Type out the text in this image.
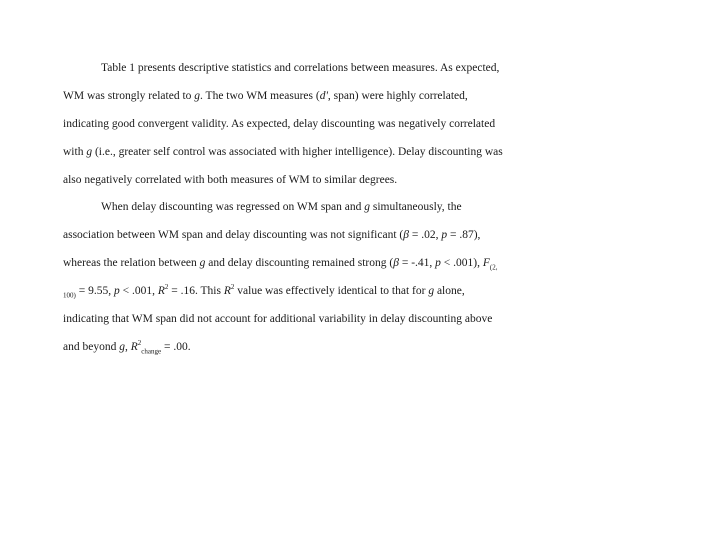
Table 1 presents descriptive statistics and correlations between measures. As expected,
WM was strongly related to g. The two WM measures (d', span) were highly correlated,
indicating good convergent validity. As expected, delay discounting was negatively correlated
with g (i.e., greater self control was associated with higher intelligence). Delay discounting was
also negatively correlated with both measures of WM to similar degrees.
When delay discounting was regressed on WM span and g simultaneously, the
association between WM span and delay discounting was not significant (β = .02, p = .87),
whereas the relation between g and delay discounting remained strong (β = -.41, p < .001), $F_{(2,}$
$_{100)}$ = 9.55, p < .001, $R^2 = .16$. This $R^2$ value was effectively identical to that for g alone,
indicating that WM span did not account for additional variability in delay discounting above
and beyond g, $R^2_{change} = .00$.
